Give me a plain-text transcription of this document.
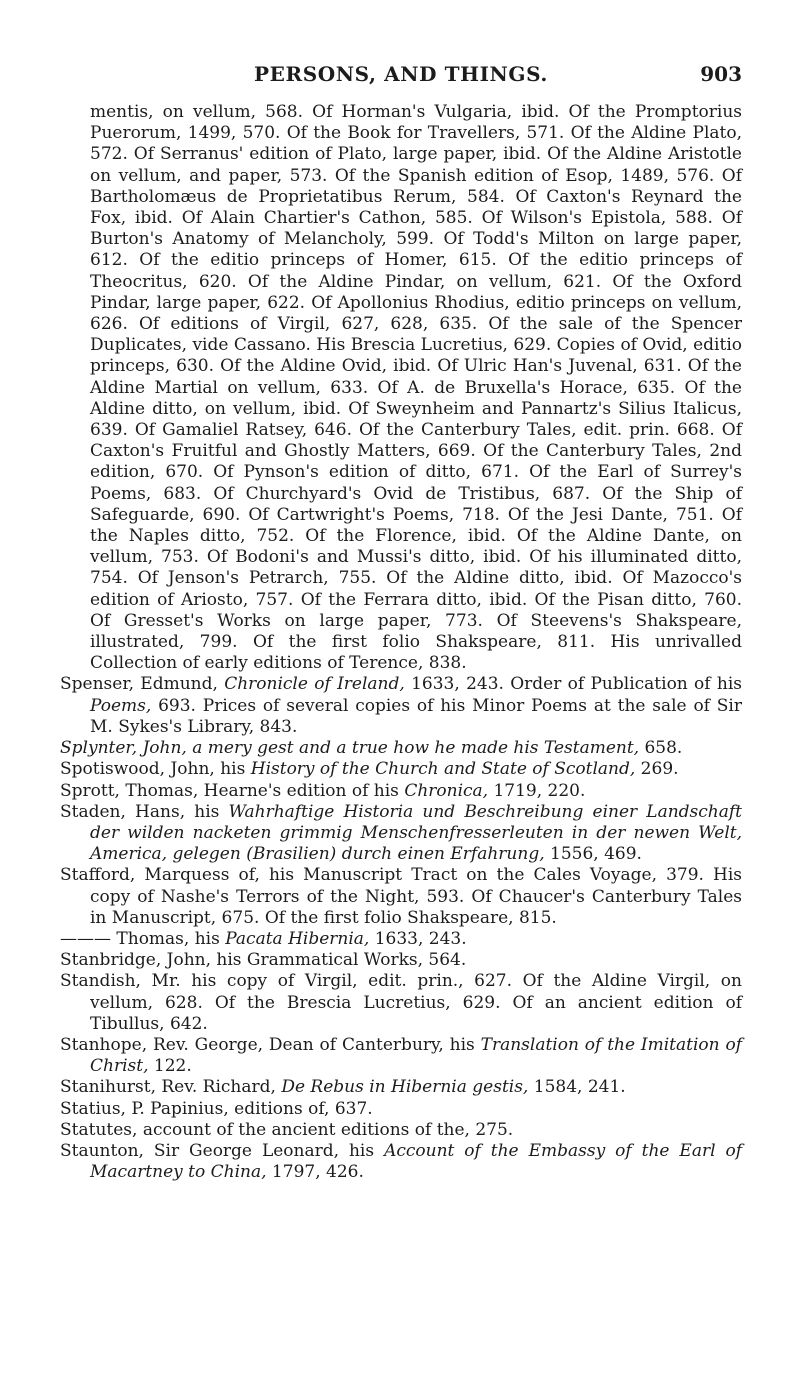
PERSONS, AND THINGS.	903

mentis, on vellum, 568. Of Horman's Vulgaria, ibid. Of the Promptorius Puerorum, 1499, 570. Of the Book for Travellers, 571. Of the Aldine Plato, 572. Of Serranus' edition of Plato, large paper, ibid. Of the Aldine Aristotle on vellum, and paper, 573. Of the Spanish edition of Esop, 1489, 576. Of Bartholomæus de Proprietatibus Rerum, 584. Of Caxton's Reynard the Fox, ibid. Of Alain Chartier's Cathon, 585. Of Wilson's Epistola, 588. Of Burton's Anatomy of Melancholy, 599. Of Todd's Milton on large paper, 612. Of the editio princeps of Homer, 615. Of the editio princeps of Theocritus, 620. Of the Aldine Pindar, on vellum, 621. Of the Oxford Pindar, large paper, 622. Of Apollonius Rhodius, editio princeps on vellum, 626. Of editions of Virgil, 627, 628, 635. Of the sale of the Spencer Duplicates, vide Cassano. His Brescia Lucretius, 629. Copies of Ovid, editio princeps, 630. Of the Aldine Ovid, ibid. Of Ulric Han's Juvenal, 631. Of the Aldine Martial on vellum, 633. Of A. de Bruxella's Horace, 635. Of the Aldine ditto, on vellum, ibid. Of Sweynheim and Pannartz's Silius Italicus, 639. Of Gamaliel Ratsey, 646. Of the Canterbury Tales, edit. prin. 668. Of Caxton's Fruitful and Ghostly Matters, 669. Of the Canterbury Tales, 2nd edition, 670. Of Pynson's edition of ditto, 671. Of the Earl of Surrey's Poems, 683. Of Churchyard's Ovid de Tristibus, 687. Of the Ship of Safeguarde, 690. Of Cartwright's Poems, 718. Of the Jesi Dante, 751. Of the Naples ditto, 752. Of the Florence, ibid. Of the Aldine Dante, on vellum, 753. Of Bodoni's and Mussi's ditto, ibid. Of his illuminated ditto, 754. Of Jenson's Petrarch, 755. Of the Aldine ditto, ibid. Of Mazocco's edition of Ariosto, 757. Of the Ferrara ditto, ibid. Of the Pisan ditto, 760. Of Gresset's Works on large paper, 773. Of Steevens's Shakspeare, illustrated, 799. Of the first folio Shakspeare, 811. His unrivalled Collection of early editions of Terence, 838.

Spenser, Edmund, Chronicle of Ireland, 1633, 243. Order of Publication of his Poems, 693. Prices of several copies of his Minor Poems at the sale of Sir M. Sykes's Library, 843.

Splynter, John, a mery gest and a true how he made his Testament, 658.

Spotiswood, John, his History of the Church and State of Scotland, 269.

Sprott, Thomas, Hearne's edition of his Chronica, 1719, 220.

Staden, Hans, his Wahrhaftige Historia und Beschreibung einer Landschaft der wilden nacketen grimmig Menschenfresserleuten in der newen Welt, America, gelegen (Brasilien) durch einen Erfahrung, 1556, 469.

Stafford, Marquess of, his Manuscript Tract on the Cales Voyage, 379. His copy of Nashe's Terrors of the Night, 593. Of Chaucer's Canterbury Tales in Manuscript, 675. Of the first folio Shakspeare, 815.

——— Thomas, his Pacata Hibernia, 1633, 243.

Stanbridge, John, his Grammatical Works, 564.

Standish, Mr. his copy of Virgil, edit. prin., 627. Of the Aldine Virgil, on vellum, 628. Of the Brescia Lucretius, 629. Of an ancient edition of Tibullus, 642.

Stanhope, Rev. George, Dean of Canterbury, his Translation of the Imitation of Christ, 122.

Stanihurst, Rev. Richard, De Rebus in Hibernia gestis, 1584, 241.

Statius, P. Papinius, editions of, 637.

Statutes, account of the ancient editions of the, 275.

Staunton, Sir George Leonard, his Account of the Embassy of the Earl of Macartney to China, 1797, 426.
